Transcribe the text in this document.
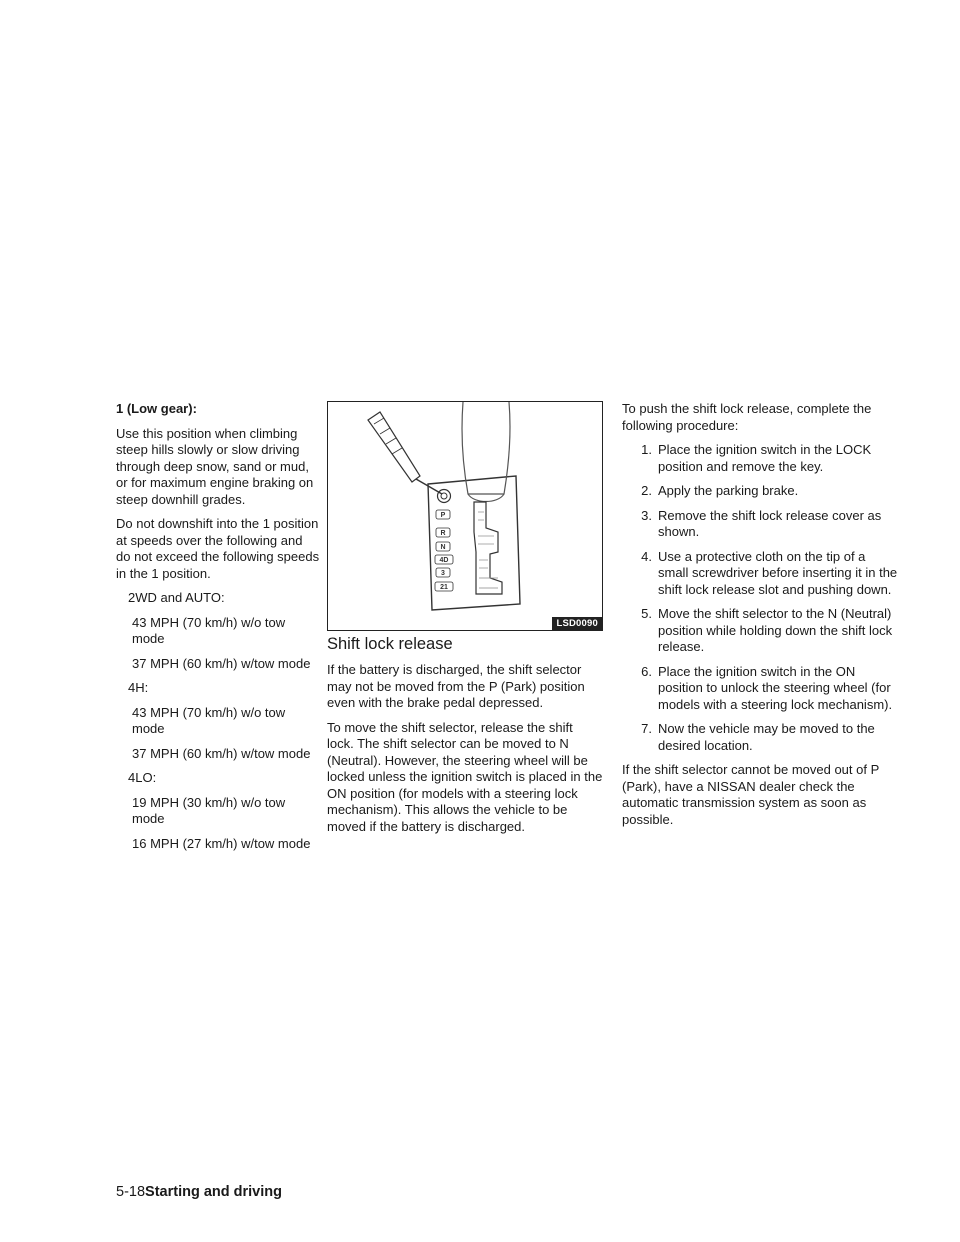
1 (Low gear):

Use this position when climbing steep hills slowly or slow driving through deep snow, sand or mud, or for maximum engine braking on steep downhill grades.

Do not downshift into the 1 position at speeds over the following and do not exceed the following speeds in the 1 position.

2WD and AUTO:

43 MPH (70 km/h) w/o tow mode

37 MPH (60 km/h) w/tow mode

4H:

43 MPH (70 km/h) w/o tow mode

37 MPH (60 km/h) w/tow mode

4LO:

19 MPH (30 km/h) w/o tow mode

16 MPH (27 km/h) w/tow mode

P
R
N
4D
3
21
LSD0090

Shift lock release

If the battery is discharged, the shift selector may not be moved from the P (Park) position even with the brake pedal depressed.

To move the shift selector, release the shift lock. The shift selector can be moved to N (Neutral). However, the steering wheel will be locked unless the ignition switch is placed in the ON position (for models with a steering lock mechanism). This allows the vehicle to be moved if the battery is discharged.

To push the shift lock release, complete the following procedure:

1. Place the ignition switch in the LOCK position and remove the key.
2. Apply the parking brake.
3. Remove the shift lock release cover as shown.
4. Use a protective cloth on the tip of a small screwdriver before inserting it in the shift lock release slot and pushing down.
5. Move the shift selector to the N (Neutral) position while holding down the shift lock release.
6. Place the ignition switch in the ON position to unlock the steering wheel (for models with a steering lock mechanism).
7. Now the vehicle may be moved to the desired location.

If the shift selector cannot be moved out of P (Park), have a NISSAN dealer check the automatic transmission system as soon as possible.

5-18Starting and driving
